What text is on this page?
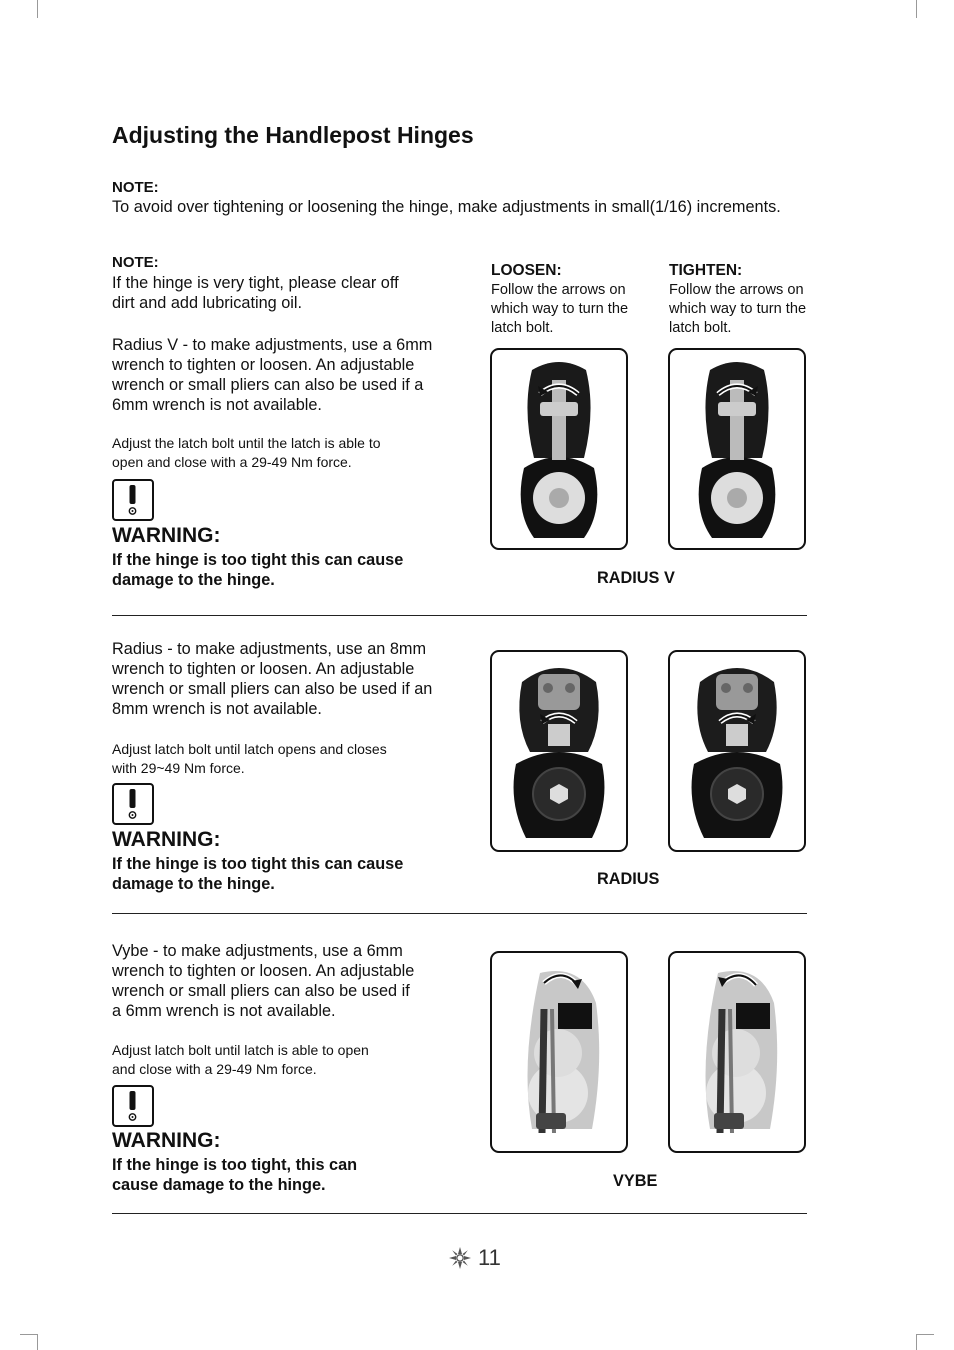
Adjusting the Handlepost Hinges
NOTE:
To avoid over tightening or loosening the hinge, make adjustments in small(1/16) increments.
NOTE:
If the hinge is very tight, please clear off
dirt and add lubricating oil.
LOOSEN:
Follow the arrows on
which way to turn the
latch bolt.
TIGHTEN:
Follow the arrows on
which way to turn the
latch bolt.
Radius V - to make adjustments, use a 6mm
wrench to tighten or loosen. An adjustable
wrench or small pliers can also be used if a
6mm wrench is not available.
Adjust the latch bolt until the latch is able to
open and close with a 29-49 Nm force.
WARNING:
If the hinge is too tight this can cause
damage to the hinge.	RADIUS V
Radius - to make adjustments, use an 8mm
wrench to tighten or loosen. An adjustable
wrench or small pliers can also be used if an
8mm wrench is not available.
Adjust latch bolt until latch opens and closes
with 29~49 Nm force.
WARNING:
If the hinge is too tight this can cause
damage to the hinge.	RADIUS
Vybe - to make adjustments, use a 6mm
wrench to tighten or loosen. An adjustable
wrench or small pliers can also be used if
a 6mm wrench is not available.
Adjust latch bolt until latch is able to open
and close with a 29-49 Nm force.
WARNING:
If the hinge is too tight, this can
cause damage to the hinge.	VYBE
11
